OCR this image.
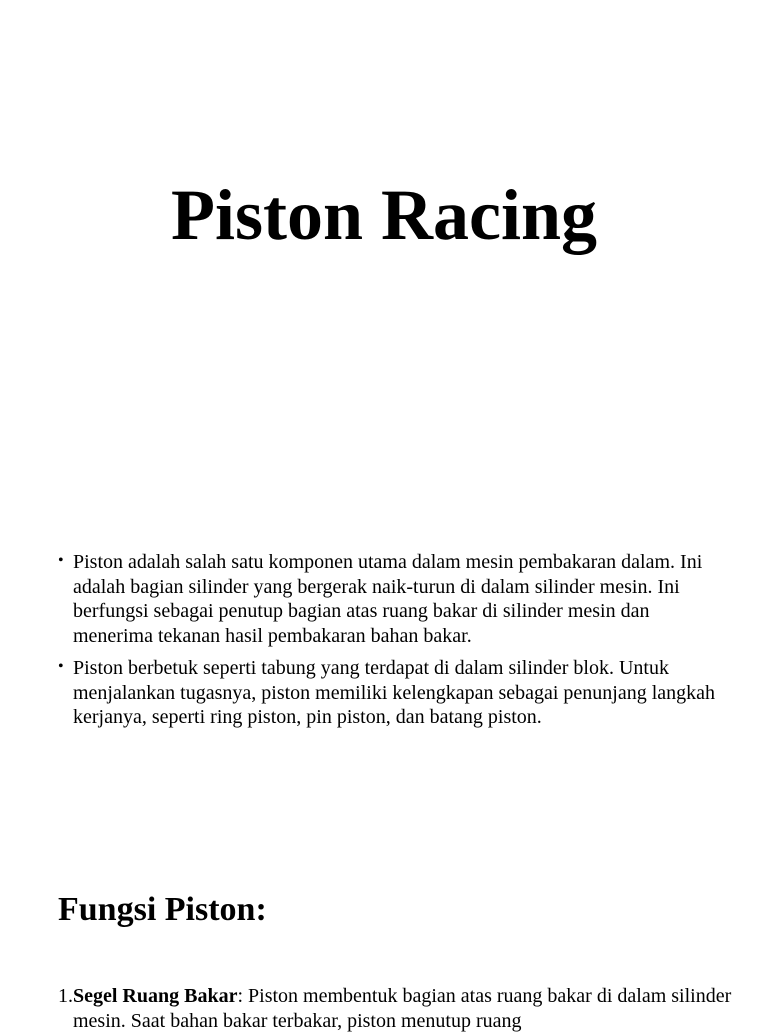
Piston Racing
• Piston adalah salah satu komponen utama dalam mesin pembakaran dalam. Ini adalah bagian silinder yang bergerak naik-turun di dalam silinder mesin. Ini berfungsi sebagai penutup bagian atas ruang bakar di silinder mesin dan menerima tekanan hasil pembakaran bahan bakar.
• Piston berbetuk seperti tabung yang terdapat di dalam silinder blok. Untuk menjalankan tugasnya, piston memiliki kelengkapan sebagai penunjang langkah kerjanya, seperti ring piston, pin piston, dan batang piston.
Fungsi Piston:

1.Segel Ruang Bakar: Piston membentuk bagian atas ruang bakar di dalam silinder mesin. Saat bahan bakar terbakar, piston menutup ruang
